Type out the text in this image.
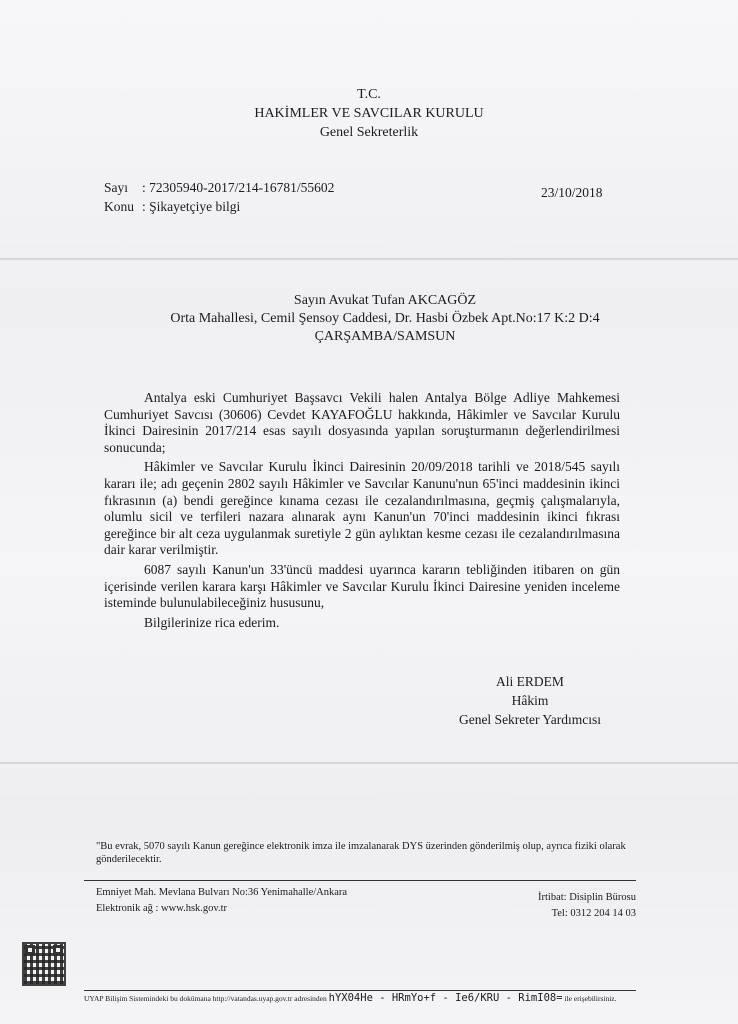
T.C.
HAKİMLER VE SAVCILAR KURULU
Genel Sekreterlik
Sayı : 72305940-2017/214-16781/55602
Konu : Şikayetçiye bilgi
23/10/2018
Sayın Avukat Tufan AKCAGÖZ
Orta Mahallesi, Cemil Şensoy Caddesi, Dr. Hasbi Özbek Apt.No:17 K:2 D:4
ÇARŞAMBA/SAMSUN

Antalya eski Cumhuriyet Başsavcı Vekili halen Antalya Bölge Adliye Mahkemesi Cumhuriyet Savcısı (30606) Cevdet KAYAFOĞLU hakkında, Hâkimler ve Savcılar Kurulu İkinci Dairesinin 2017/214 esas sayılı dosyasında yapılan soruşturmanın değerlendirilmesi sonucunda;

Hâkimler ve Savcılar Kurulu İkinci Dairesinin 20/09/2018 tarihli ve 2018/545 sayılı kararı ile; adı geçenin 2802 sayılı Hâkimler ve Savcılar Kanunu'nun 65'inci maddesinin ikinci fıkrasının (a) bendi gereğince kınama cezası ile cezalandırılmasına, geçmiş çalışmalarıyla, olumlu sicil ve terfileri nazara alınarak aynı Kanun'un 70'inci maddesinin ikinci fıkrası gereğince bir alt ceza uygulanmak suretiyle 2 gün aylıktan kesme cezası ile cezalandırılmasına dair karar verilmiştir.

6087 sayılı Kanun'un 33'üncü maddesi uyarınca kararın tebliğinden itibaren on gün içerisinde verilen karara karşı Hâkimler ve Savcılar Kurulu İkinci Dairesine yeniden inceleme isteminde bulunulabileceğiniz hususunu,

Bilgilerinize rica ederim.

Ali ERDEM
Hâkim
Genel Sekreter Yardımcısı
"Bu evrak, 5070 sayılı Kanun gereğince elektronik imza ile imzalanarak DYS üzerinden gönderilmiş olup, ayrıca fiziki olarak gönderilecektir.
Emniyet Mah. Mevlana Bulvarı No:36 Yenimahalle/Ankara
Elektronik ağ : www.hsk.gov.tr
İrtibat: Disiplin Bürosu
Tel: 0312 204 14 03
UYAP Bilişim Sistemindeki bu dokümana http://vatandas.uyap.gov.tr adresinden hYX04He - HRmYo+f - Ie6/KRU - RimI08= ile erişebilirsiniz.
